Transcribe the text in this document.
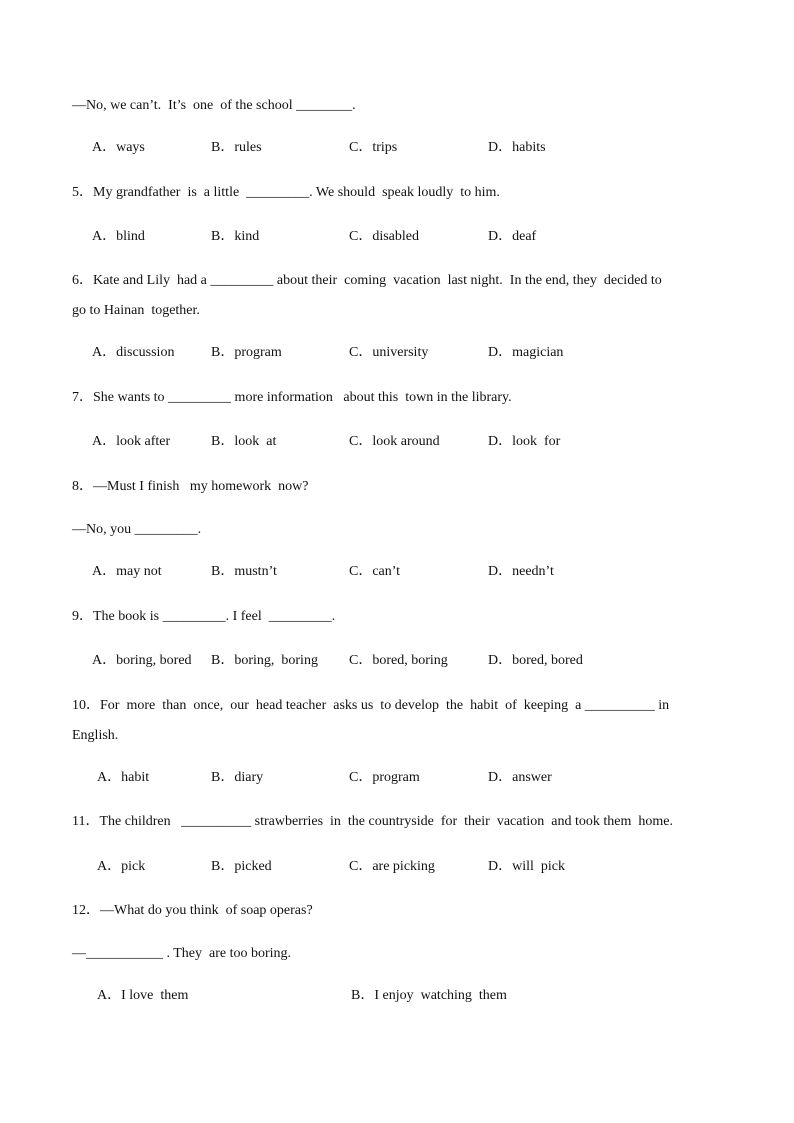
—No, we can’t.  It’s  one  of the school ________.
A．ways	B．rules	C．trips	D．habits
5．My grandfather  is  a little  _________. We should  speak loudly  to him.
A．blind	B．kind	C．disabled	D．deaf
6．Kate and Lily  had a _________ about their  coming  vacation  last night.  In the end, they  decided to
go to Hainan  together.
A．discussion	B．program	C．university	D．magician
7．She wants to _________ more information   about this  town in the library.
A．look after	B．look  at	C．look around	D．look  for
8．—Must I finish   my homework  now?
—No, you _________.
A．may not	B．mustn’t	C．can’t	D．needn’t
9．The book is _________. I feel  _________.
A．boring, bored B．boring,  boring C．bored, boring	D．bored, bored
10．For  more  than  once,  our  head teacher  asks us  to develop  the  habit  of  keeping  a __________ in
English.
A．habit	B．diary	C．program	D．answer
11．The children   __________ strawberries  in  the countryside  for  their  vacation  and took them  home.
A．pick	B．picked	C．are picking	D．will  pick
12．—What do you think  of soap operas?
—___________ . They  are too boring.
A．I love  them	B．I enjoy  watching  them
